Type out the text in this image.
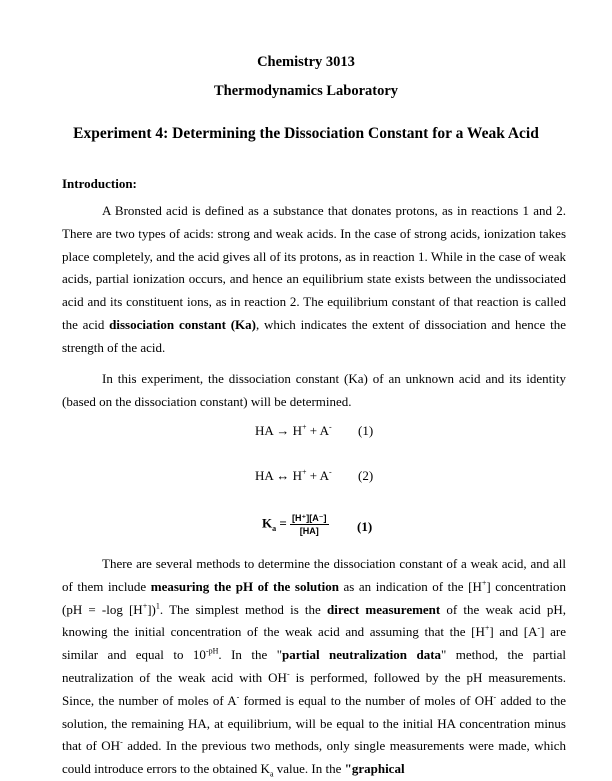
Chemistry 3013
Thermodynamics Laboratory
Experiment 4: Determining the Dissociation Constant for a Weak Acid
Introduction:
A Bronsted acid is defined as a substance that donates protons, as in reactions 1 and 2. There are two types of acids: strong and weak acids. In the case of strong acids, ionization takes place completely, and the acid gives all of its protons, as in reaction 1. While in the case of weak acids, partial ionization occurs, and hence an equilibrium state exists between the undissociated acid and its constituent ions, as in reaction 2. The equilibrium constant of that reaction is called the acid dissociation constant (Ka), which indicates the extent of dissociation and hence the strength of the acid.
In this experiment, the dissociation constant (Ka) of an unknown acid and its identity (based on the dissociation constant) will be determined.
HA → H+ + A- (1)
HA ↔ H+ + A- (2)
$K_a = \frac{[H^+][A^-]}{[HA]} (1)$
There are several methods to determine the dissociation constant of a weak acid, and all of them include measuring the pH of the solution as an indication of the [H+] concentration (pH = -log [H+])$^1$. The simplest method is the direct measurement of the weak acid pH, knowing the initial concentration of the weak acid and assuming that the [H+] and [A-] are similar and equal to $10^{-pH}$. In the "partial neutralization data" method, the partial neutralization of the weak acid with OH- is performed, followed by the pH measurements. Since, the number of moles of A- formed is equal to the number of moles of OH- added to the solution, the remaining HA, at equilibrium, will be equal to the initial HA concentration minus that of OH- added. In the previous two methods, only single measurements were made, which could introduce errors to the obtained $K_a$ value. In the "graphical
